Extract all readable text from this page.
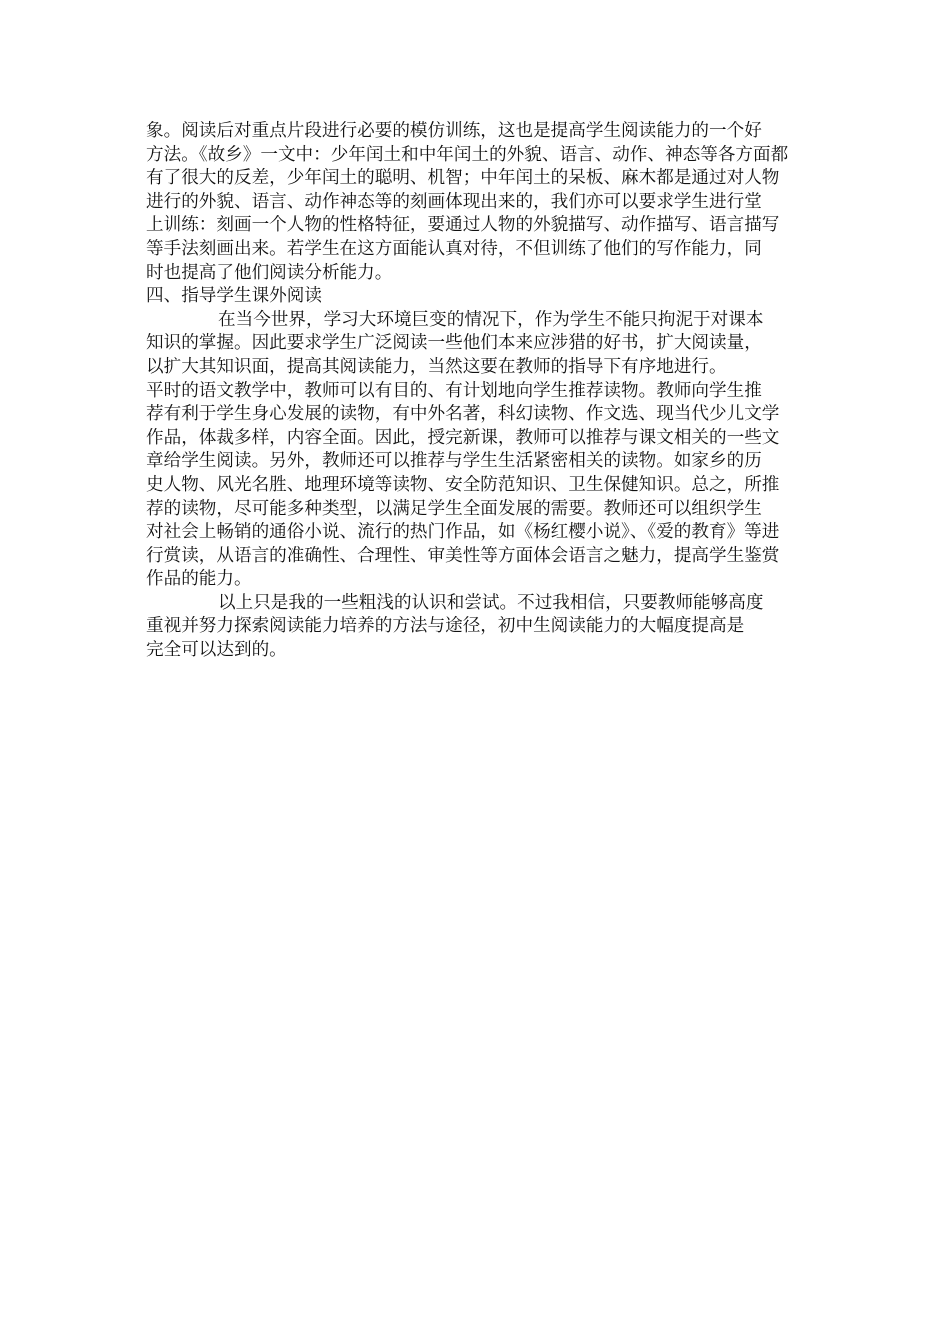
象。阅读后对重点片段进行必要的模仿训练，这也是提高学生阅读能力的一个好
方法。《故乡》一文中：少年闰土和中年闰土的外貌、语言、动作、神态等各方面都
有了很大的反差，少年闰土的聪明、机智；中年闰土的呆板、麻木都是通过对人物
进行的外貌、语言、动作神态等的刻画体现出来的，我们亦可以要求学生进行堂
上训练：刻画一个人物的性格特征，要通过人物的外貌描写、动作描写、语言描写
等手法刻画出来。若学生在这方面能认真对待，不但训练了他们的写作能力，同
时也提高了他们阅读分析能力。
四、指导学生课外阅读
在当今世界，学习大环境巨变的情况下，作为学生不能只拘泥于对课本
知识的掌握。因此要求学生广泛阅读一些他们本来应涉猎的好书，扩大阅读量，
以扩大其知识面，提高其阅读能力，当然这要在教师的指导下有序地进行。
平时的语文教学中，教师可以有目的、有计划地向学生推荐读物。教师向学生推
荐有利于学生身心发展的读物，有中外名著，科幻读物、作文选、现当代少儿文学
作品，体裁多样，内容全面。因此，授完新课，教师可以推荐与课文相关的一些文
章给学生阅读。另外，教师还可以推荐与学生生活紧密相关的读物。如家乡的历
史人物、风光名胜、地理环境等读物、安全防范知识、卫生保健知识。总之，所推
荐的读物，尽可能多种类型，以满足学生全面发展的需要。教师还可以组织学生
对社会上畅销的通俗小说、流行的热门作品，如《杨红樱小说》、《爱的教育》等进
行赏读，从语言的准确性、合理性、审美性等方面体会语言之魅力，提高学生鉴赏
作品的能力。
以上只是我的一些粗浅的认识和尝试。不过我相信，只要教师能够高度
重视并努力探索阅读能力培养的方法与途径，初中生阅读能力的大幅度提高是
完全可以达到的。
